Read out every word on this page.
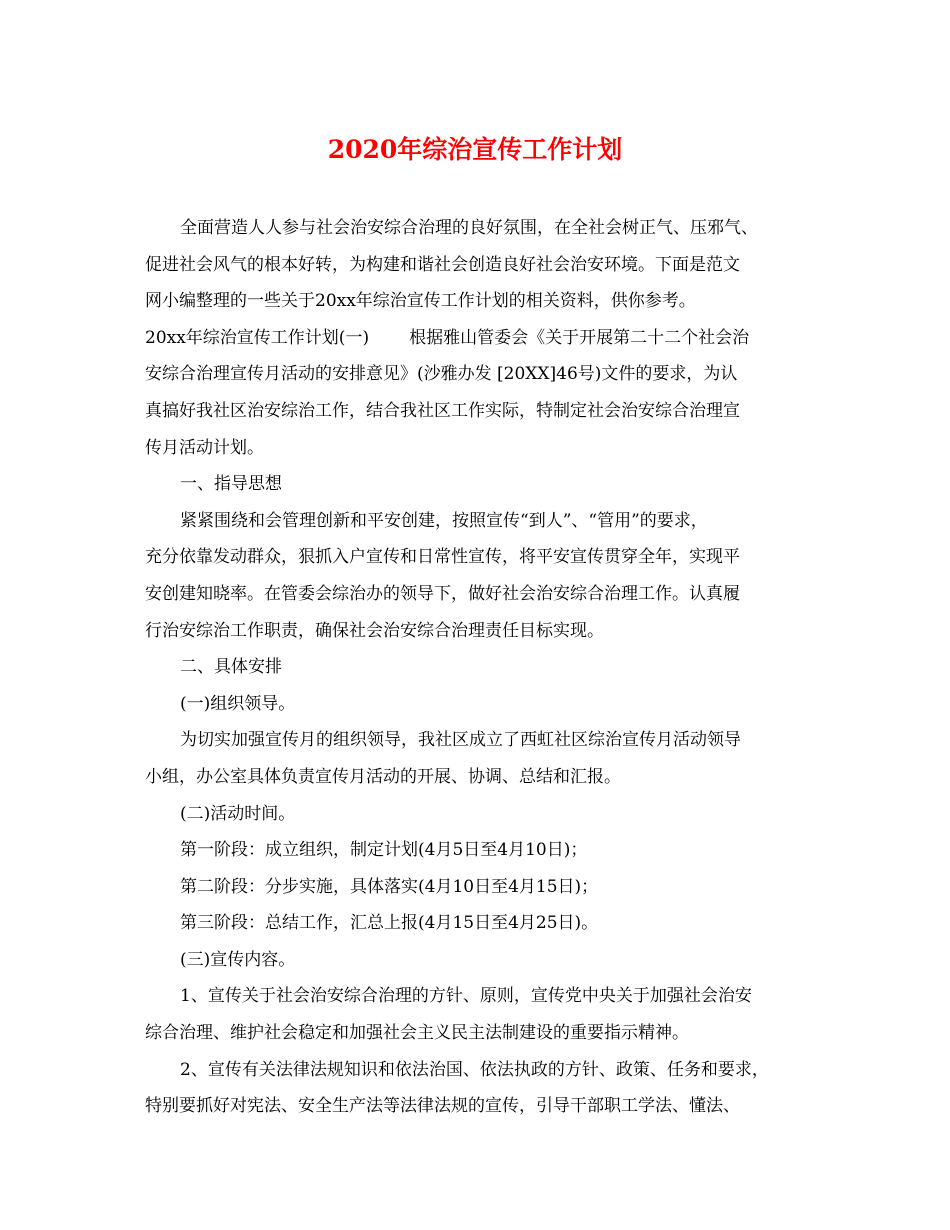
2020年综治宣传工作计划
全面营造人人参与社会治安综合治理的良好氛围，在全社会树正气、压邪气、
促进社会风气的根本好转，为构建和谐社会创造良好社会治安环境。下面是范文
网小编整理的一些关于20xx年综治宣传工作计划的相关资料，供你参考。
20xx年综治宣传工作计划(一) 根据雅山管委会《关于开展第二十二个社会治
安综合治理宣传月活动的安排意见》(沙雅办发 [20XX]46号)文件的要求，为认
真搞好我社区治安综治工作，结合我社区工作实际，特制定社会治安综合治理宣
传月活动计划。
一、指导思想
紧紧围绕和会管理创新和平安创建，按照宣传“到人”、“管用”的要求，
充分依靠发动群众，狠抓入户宣传和日常性宣传，将平安宣传贯穿全年，实现平
安创建知晓率。在管委会综治办的领导下，做好社会治安综合治理工作。认真履
行治安综治工作职责，确保社会治安综合治理责任目标实现。
二、具体安排
(一)组织领导。
为切实加强宣传月的组织领导，我社区成立了西虹社区综治宣传月活动领导
小组，办公室具体负责宣传月活动的开展、协调、总结和汇报。
(二)活动时间。
第一阶段：成立组织，制定计划(4月5日至4月10日)；
第二阶段：分步实施，具体落实(4月10日至4月15日)；
第三阶段：总结工作，汇总上报(4月15日至4月25日)。
(三)宣传内容。
1、宣传关于社会治安综合治理的方针、原则，宣传党中央关于加强社会治安
综合治理、维护社会稳定和加强社会主义民主法制建设的重要指示精神。
2、宣传有关法律法规知识和依法治国、依法执政的方针、政策、任务和要求，
特别要抓好对宪法、安全生产法等法律法规的宣传，引导干部职工学法、懂法、
